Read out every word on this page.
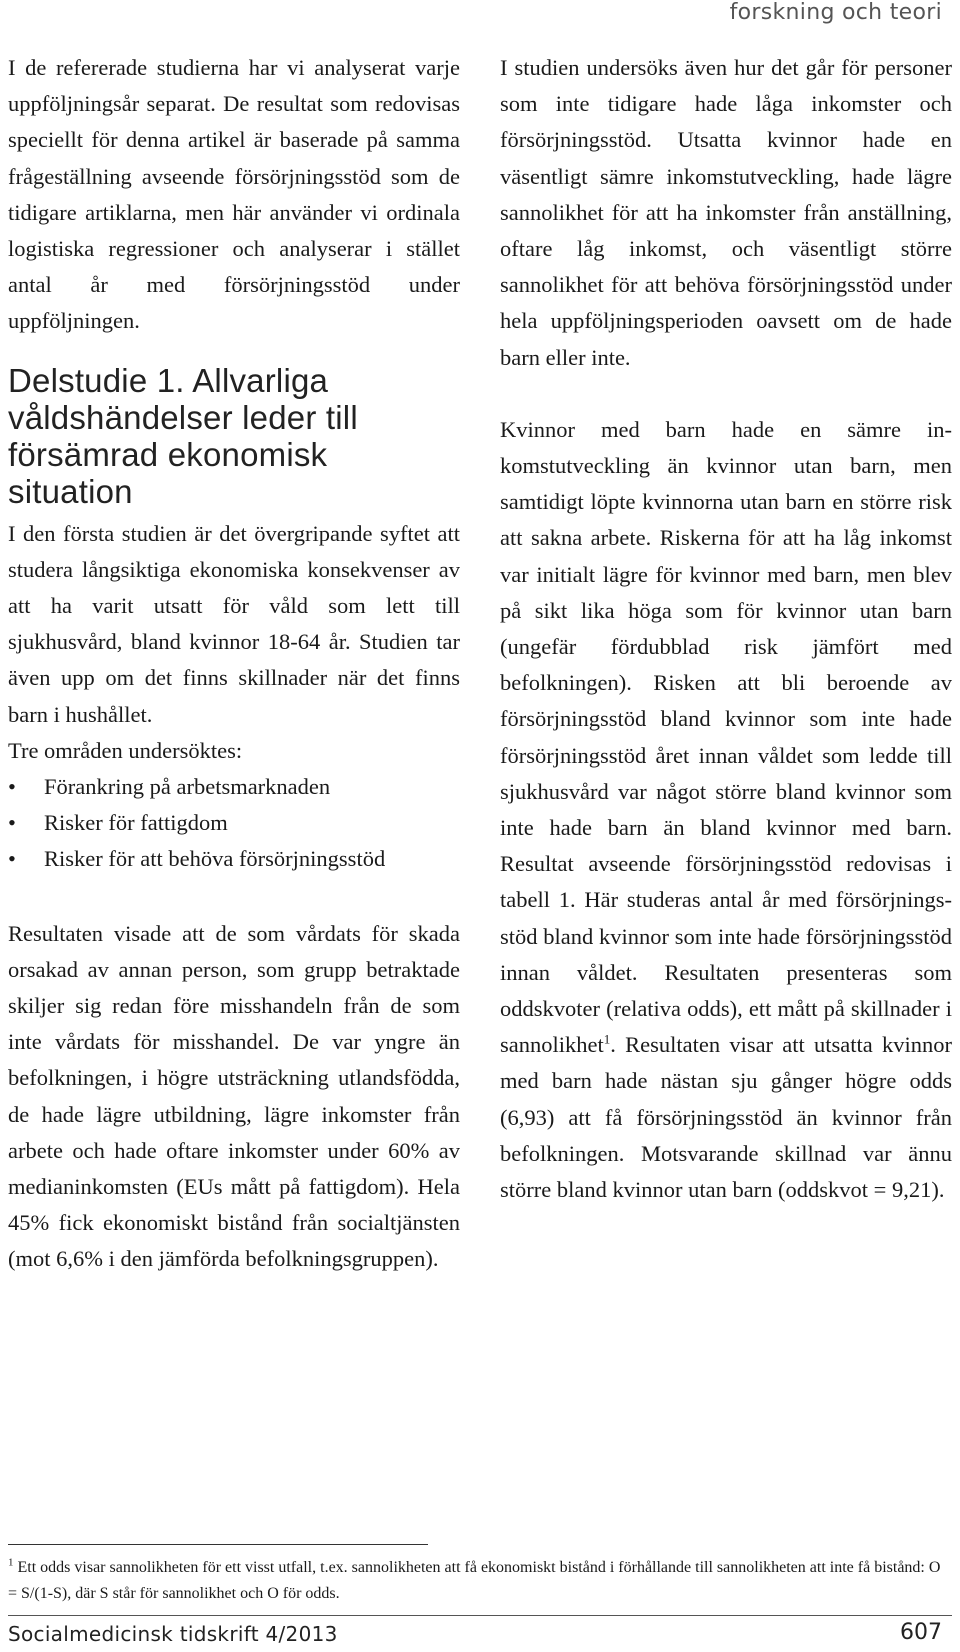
forskning och teori

I de refererade studierna har vi analyserat varje uppföljningsår separat. De resultat som redovisas speciellt för denna artikel är baserade på samma frågeställning avseende försörjningsstöd som de tidigare artiklarna, men här använder vi ordinala logistiska regressioner och analyserar i stället antal år med försörjningsstöd under uppföljningen.

Delstudie 1. Allvarliga våldshändelser leder till försämrad ekonomisk situation

I den första studien är det övergripande syftet att studera långsiktiga ekonomiska konsekvenser av att ha varit utsatt för våld som lett till sjukhusvård, bland kvinnor 18-64 år. Studien tar även upp om det finns skillnader när det finns barn i hushållet.

Tre områden undersöktes:

• Förankring på arbetsmarknaden
• Risker för fattigdom
• Risker för att behöva försörjningsstöd

Resultaten visade att de som vårdats för skada orsakad av annan person, som grupp betraktade skiljer sig redan före misshandeln från de som inte vårdats för misshandel. De var yngre än befolkningen, i högre utsträckning utlandsfödda, de hade lägre utbildning, lägre inkomster från arbete och hade oftare inkomster under 60% av medianinkomsten (EUs mått på fattigdom). Hela 45% fick ekonomiskt bistånd från socialtjänsten (mot 6,6% i den jämförda befolkningsgruppen).

I studien undersöks även hur det går för personer som inte tidigare hade låga inkomster och försörjningsstöd. Utsatta kvinnor hade en väsentligt sämre inkomstutveckling, hade lägre sannolikhet för att ha inkomster från anställning, oftare låg inkomst, och väsentligt större sannolikhet för att behöva försörjningsstöd under hela uppföljningsperioden oavsett om de hade barn eller inte.

Kvinnor med barn hade en sämre inkomstutveckling än kvinnor utan barn, men samtidigt löpte kvinnorna utan barn en större risk att sakna arbete. Riskerna för att ha låg inkomst var initialt lägre för kvinnor med barn, men blev på sikt lika höga som för kvinnor utan barn (ungefär fördubblad risk jämfört med befolkningen). Risken att bli beroende av försörjningsstöd bland kvinnor som inte hade försörjningsstöd året innan våldet som ledde till sjukhusvård var något större bland kvinnor som inte hade barn än bland kvinnor med barn. Resultat avseende försörjningsstöd redovisas i tabell 1. Här studeras antal år med försörjningsstöd bland kvinnor som inte hade försörjningsstöd innan våldet. Resultaten presenteras som oddskvoter (relativa odds), ett mått på skillnader i sannolikhet$^1$. Resultaten visar att utsatta kvinnor med barn hade nästan sju gånger högre odds (6,93) att få försörjningsstöd än kvinnor från befolkningen. Motsvarande skillnad var ännu större bland kvinnor utan barn (oddskvot = 9,21).

$^1$ Ett odds visar sannolikheten för ett visst utfall, t.ex. sannolikheten att få ekonomiskt bistånd i förhållande till sannolikheten att inte få bistånd: O = S/(1-S), där S står för sannolikhet och O för odds.
Socialmedicinsk tidskrift 4/2013	607
